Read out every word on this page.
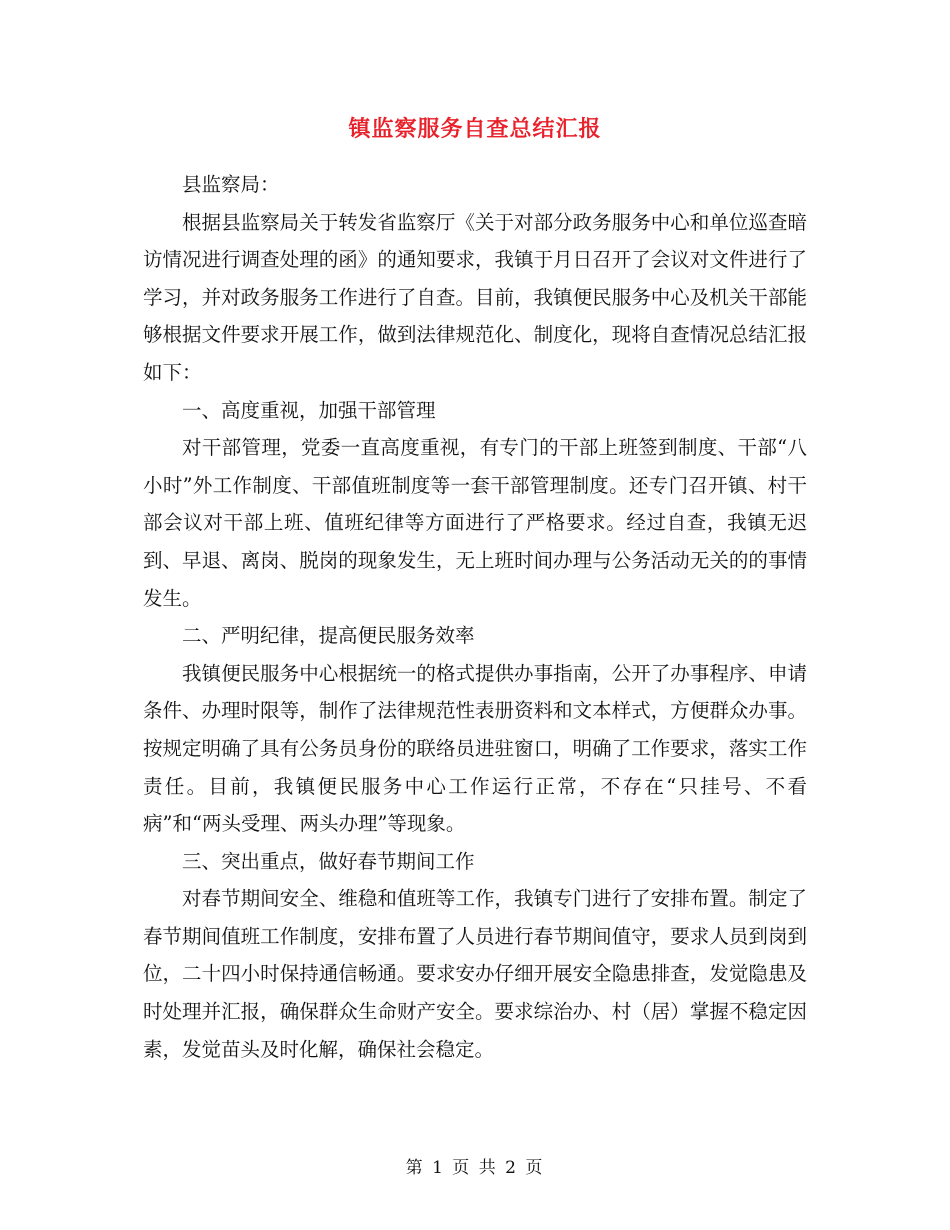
镇监察服务自查总结汇报

县监察局：

根据县监察局关于转发省监察厅《关于对部分政务服务中心和单位巡查暗访情况进行调查处理的函》的通知要求，我镇于月日召开了会议对文件进行了学习，并对政务服务工作进行了自查。目前，我镇便民服务中心及机关干部能够根据文件要求开展工作，做到法律规范化、制度化，现将自查情况总结汇报如下：

一、高度重视，加强干部管理

对干部管理，党委一直高度重视，有专门的干部上班签到制度、干部“八小时”外工作制度、干部值班制度等一套干部管理制度。还专门召开镇、村干部会议对干部上班、值班纪律等方面进行了严格要求。经过自查，我镇无迟到、早退、离岗、脱岗的现象发生，无上班时间办理与公务活动无关的的事情发生。

二、严明纪律，提高便民服务效率

我镇便民服务中心根据统一的格式提供办事指南，公开了办事程序、申请条件、办理时限等，制作了法律规范性表册资料和文本样式，方便群众办事。按规定明确了具有公务员身份的联络员进驻窗口，明确了工作要求，落实工作责任。目前，我镇便民服务中心工作运行正常，不存在“只挂号、不看病”和“两头受理、两头办理”等现象。

三、突出重点，做好春节期间工作

对春节期间安全、维稳和值班等工作，我镇专门进行了安排布置。制定了春节期间值班工作制度，安排布置了人员进行春节期间值守，要求人员到岗到位，二十四小时保持通信畅通。要求安办仔细开展安全隐患排查，发觉隐患及时处理并汇报，确保群众生命财产安全。要求综治办、村（居）掌握不稳定因素，发觉苗头及时化解，确保社会稳定。

第 1 页 共 2 页
